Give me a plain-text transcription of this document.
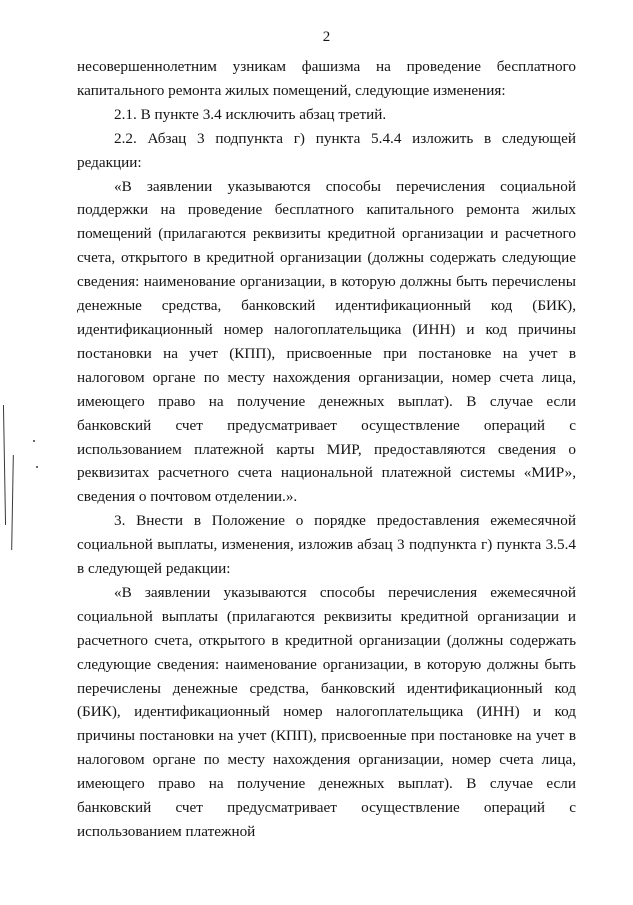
2

несовершеннолетним узникам фашизма на проведение бесплатного капитального ремонта жилых помещений, следующие изменения:

2.1. В пункте 3.4 исключить абзац третий.

2.2. Абзац 3 подпункта г) пункта 5.4.4 изложить в следующей редакции:

«В заявлении указываются способы перечисления социальной поддержки на проведение бесплатного капитального ремонта жилых помещений (прилагаются реквизиты кредитной организации и расчетного счета, открытого в кредитной организации (должны содержать следующие сведения: наименование организации, в которую должны быть перечислены денежные средства, банковский идентификационный код (БИК), идентификационный номер налогоплательщика (ИНН) и код причины постановки на учет (КПП), присвоенные при постановке на учет в налоговом органе по месту нахождения организации, номер счета лица, имеющего право на получение денежных выплат). В случае если банковский счет предусматривает осуществление операций с использованием платежной карты МИР, предоставляются сведения о реквизитах расчетного счета национальной платежной системы «МИР», сведения о почтовом отделении.».

3. Внести в Положение о порядке предоставления ежемесячной социальной выплаты, изменения, изложив абзац 3 подпункта г) пункта 3.5.4 в следующей редакции:

«В заявлении указываются способы перечисления ежемесячной социальной выплаты (прилагаются реквизиты кредитной организации и расчетного счета, открытого в кредитной организации (должны содержать следующие сведения: наименование организации, в которую должны быть перечислены денежные средства, банковский идентификационный код (БИК), идентификационный номер налогоплательщика (ИНН) и код причины постановки на учет (КПП), присвоенные при постановке на учет в налоговом органе по месту нахождения организации, номер счета лица, имеющего право на получение денежных выплат). В случае если банковский счет предусматривает осуществление операций с использованием платежной
